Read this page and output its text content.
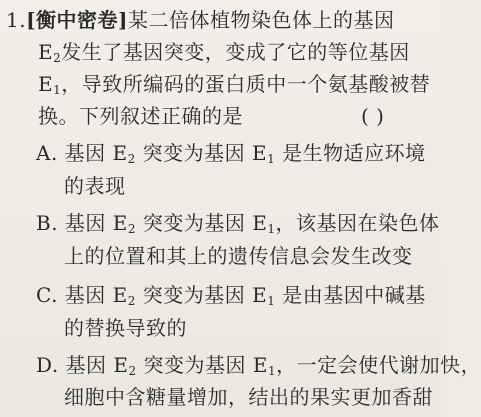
1.[衡中密卷]某二倍体植物染色体上的基因
$E_2$发生了基因突变，变成了它的等位基因
$E_1$，导致所编码的蛋白质中一个氨基酸被替
换。下列叙述正确的是	( )
A. 基因 $E_2$ 突变为基因 $E_1$ 是生物适应环境
的表现
B. 基因 $E_2$ 突变为基因 $E_1$，该基因在染色体
上的位置和其上的遗传信息会发生改变
C. 基因 $E_2$ 突变为基因 $E_1$ 是由基因中碱基
的替换导致的
D. 基因 $E_2$ 突变为基因 $E_1$，一定会使代谢加快，
细胞中含糖量增加，结出的果实更加香甜
